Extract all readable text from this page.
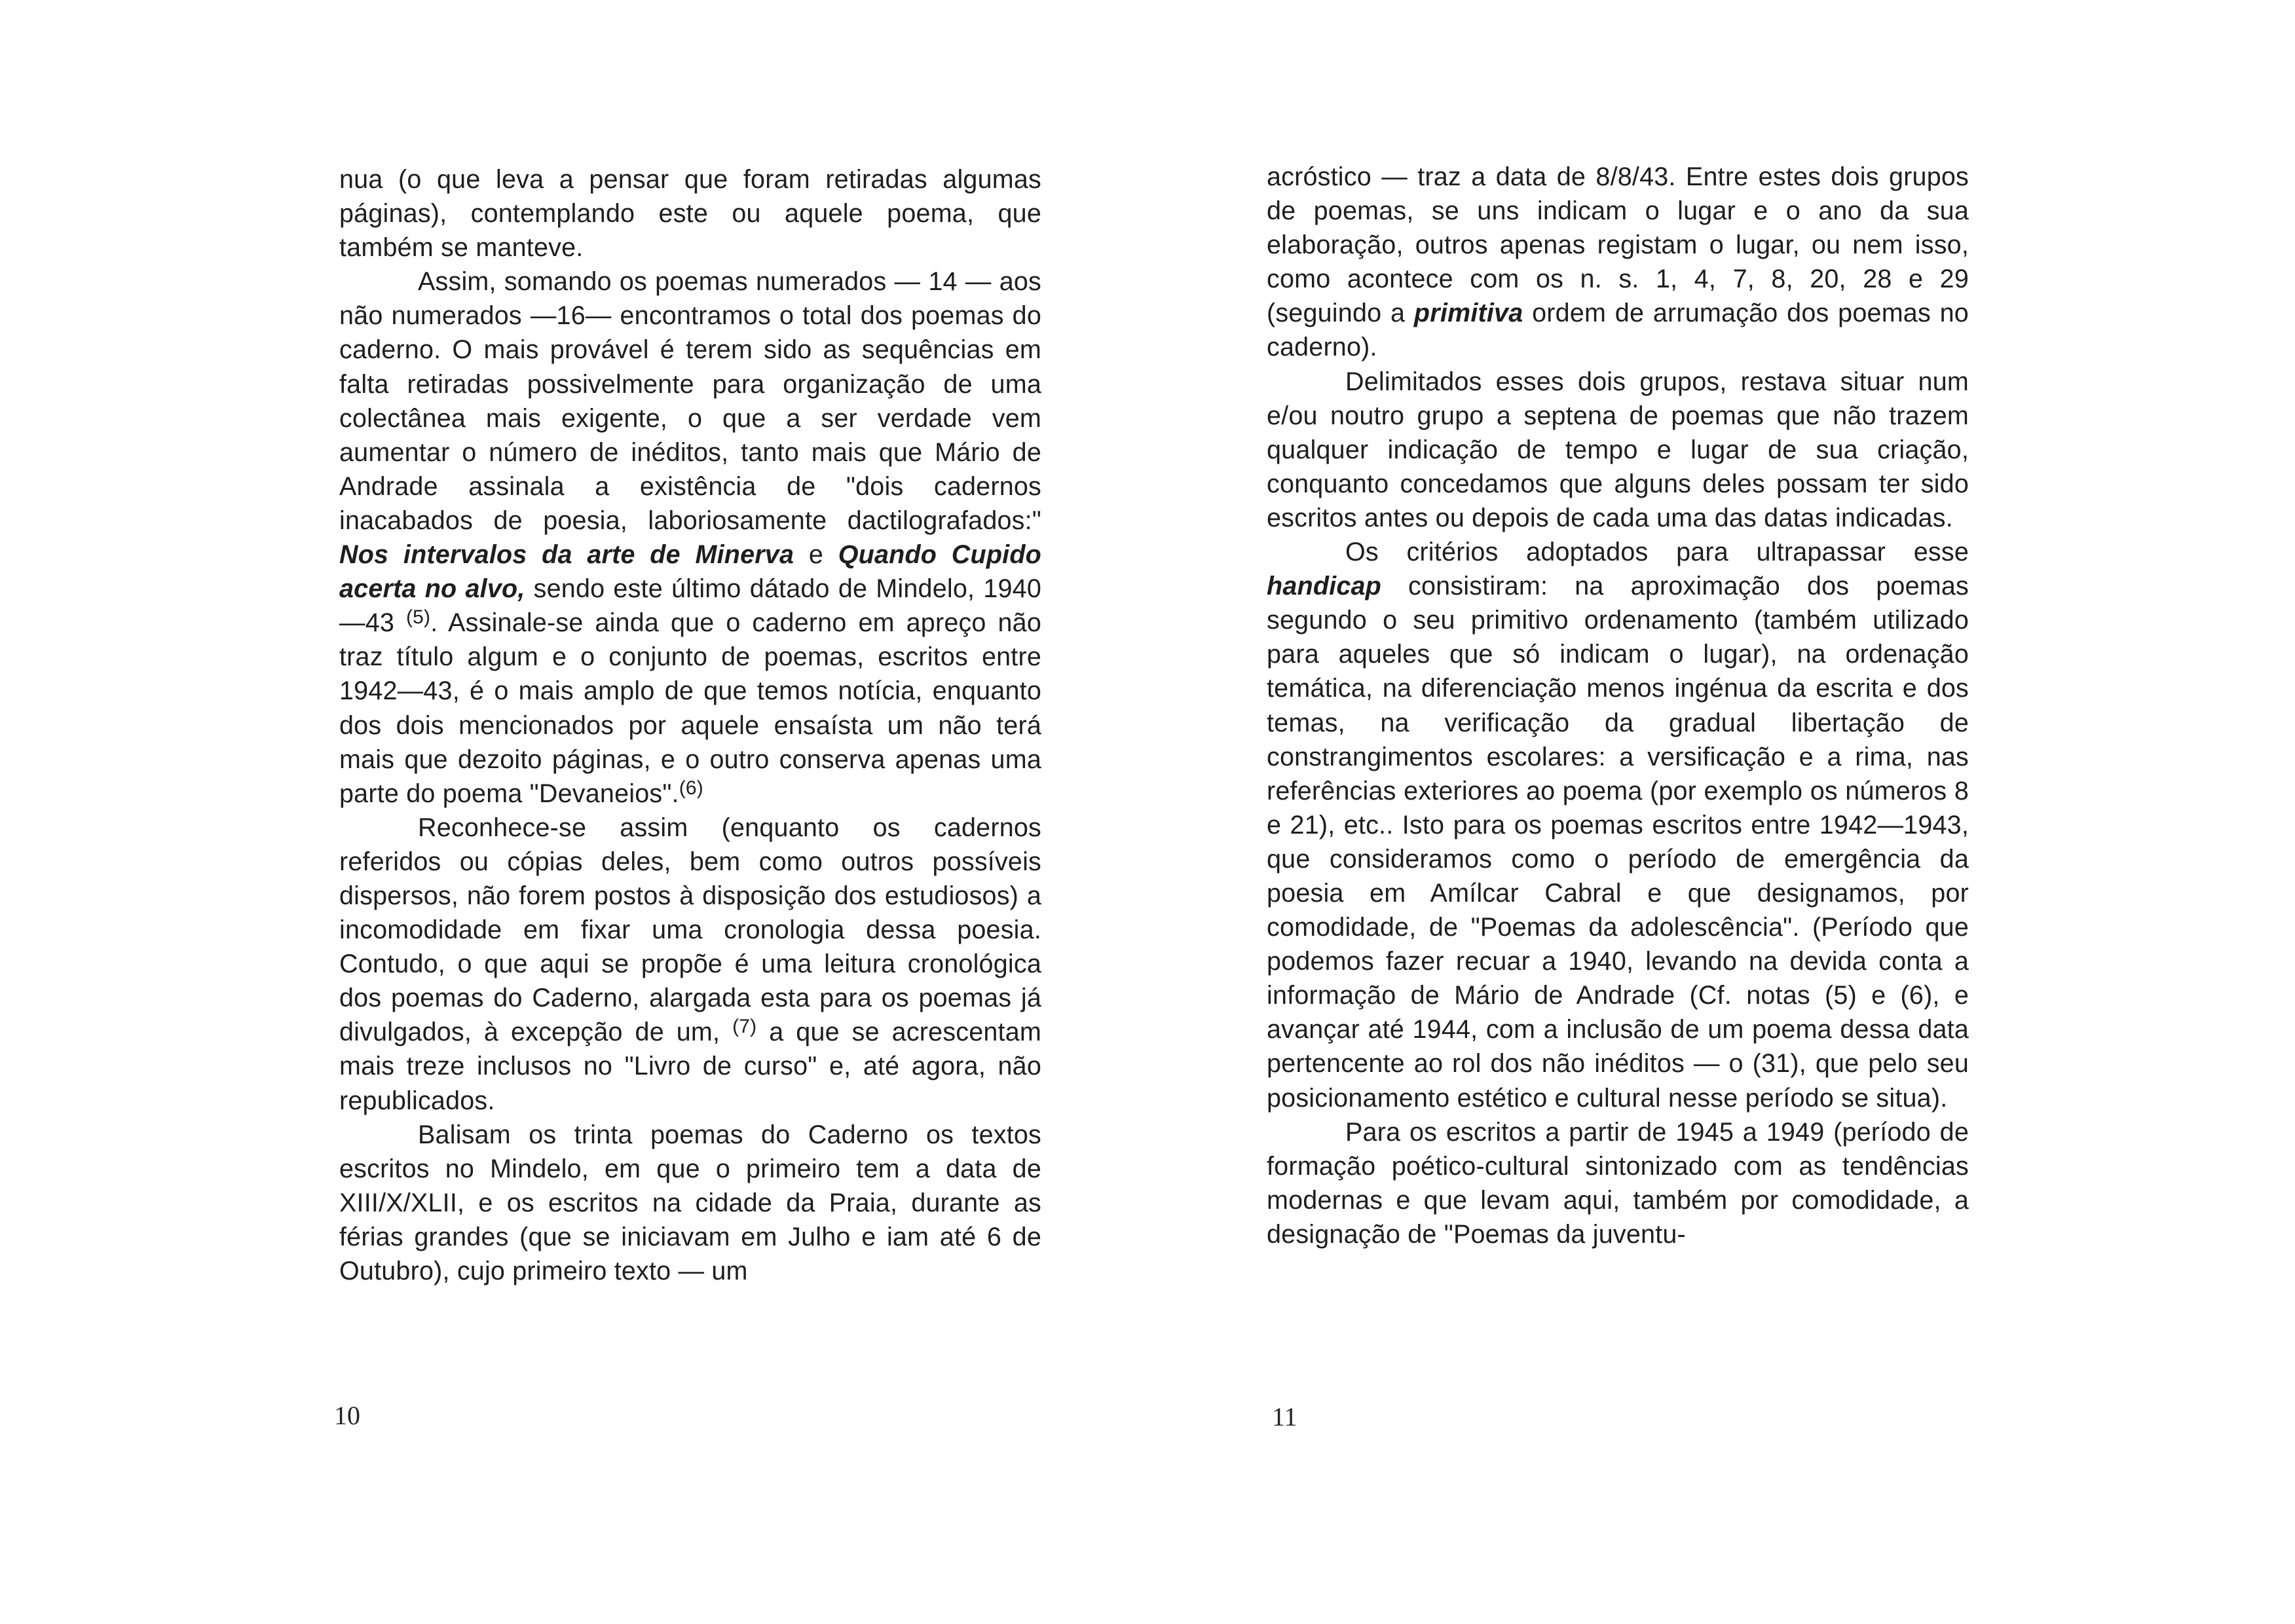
nua (o que leva a pensar que foram retiradas algumas páginas), contemplando este ou aquele poema, que também se manteve.

Assim, somando os poemas numerados — 14 — aos não numerados —16— encontramos o total dos poemas do caderno. O mais provável é terem sido as sequências em falta retiradas possivelmente para organização de uma colectânea mais exigente, o que a ser verdade vem aumentar o número de inéditos, tanto mais que Mário de Andrade assinala a existência de "dois cadernos inacabados de poesia, laboriosamente dactilografados:" Nos intervalos da arte de Minerva e Quando Cupido acerta no alvo, sendo este último dátado de Mindelo, 1940—43 $^{(5)}$. Assinale-se ainda que o caderno em apreço não traz título algum e o conjunto de poemas, escritos entre 1942—43, é o mais amplo de que temos notícia, enquanto dos dois mencionados por aquele ensaísta um não terá mais que dezoito páginas, e o outro conserva apenas uma parte do poema "Devaneios".$^{(6)}$

Reconhece-se assim (enquanto os cadernos referidos ou cópias deles, bem como outros possíveis dispersos, não forem postos à disposição dos estudiosos) a incomodidade em fixar uma cronologia dessa poesia. Contudo, o que aqui se propõe é uma leitura cronológica dos poemas do Caderno, alargada esta para os poemas já divulgados, à excepção de um, $^{(7)}$ a que se acrescentam mais treze inclusos no "Livro de curso" e, até agora, não republicados.

Balisam os trinta poemas do Caderno os textos escritos no Mindelo, em que o primeiro tem a data de XIII/X/XLII, e os escritos na cidade da Praia, durante as férias grandes (que se iniciavam em Julho e iam até 6 de Outubro), cujo primeiro texto — um

10

acróstico — traz a data de 8/8/43. Entre estes dois grupos de poemas, se uns indicam o lugar e o ano da sua elaboração, outros apenas registam o lugar, ou nem isso, como acontece com os n. s. 1, 4, 7, 8, 20, 28 e 29 (seguindo a primitiva ordem de arrumação dos poemas no caderno).

Delimitados esses dois grupos, restava situar num e/ou noutro grupo a septena de poemas que não trazem qualquer indicação de tempo e lugar de sua criação, conquanto concedamos que alguns deles possam ter sido escritos antes ou depois de cada uma das datas indicadas.

Os critérios adoptados para ultrapassar esse handicap consistiram: na aproximação dos poemas segundo o seu primitivo ordenamento (também utilizado para aqueles que só indicam o lugar), na ordenação temática, na diferenciação menos ingénua da escrita e dos temas, na verificação da gradual libertação de constrangimentos escolares: a versificação e a rima, nas referências exteriores ao poema (por exemplo os números 8 e 21), etc.. Isto para os poemas escritos entre 1942—1943, que consideramos como o período de emergência da poesia em Amílcar Cabral e que designamos, por comodidade, de "Poemas da adolescência". (Período que podemos fazer recuar a 1940, levando na devida conta a informação de Mário de Andrade (Cf. notas (5) e (6), e avançar até 1944, com a inclusão de um poema dessa data pertencente ao rol dos não inéditos — o (31), que pelo seu posicionamento estético e cultural nesse período se situa).

Para os escritos a partir de 1945 a 1949 (período de formação poético-cultural sintonizado com as tendências modernas e que levam aqui, também por comodidade, a designação de "Poemas da juventu-

11
